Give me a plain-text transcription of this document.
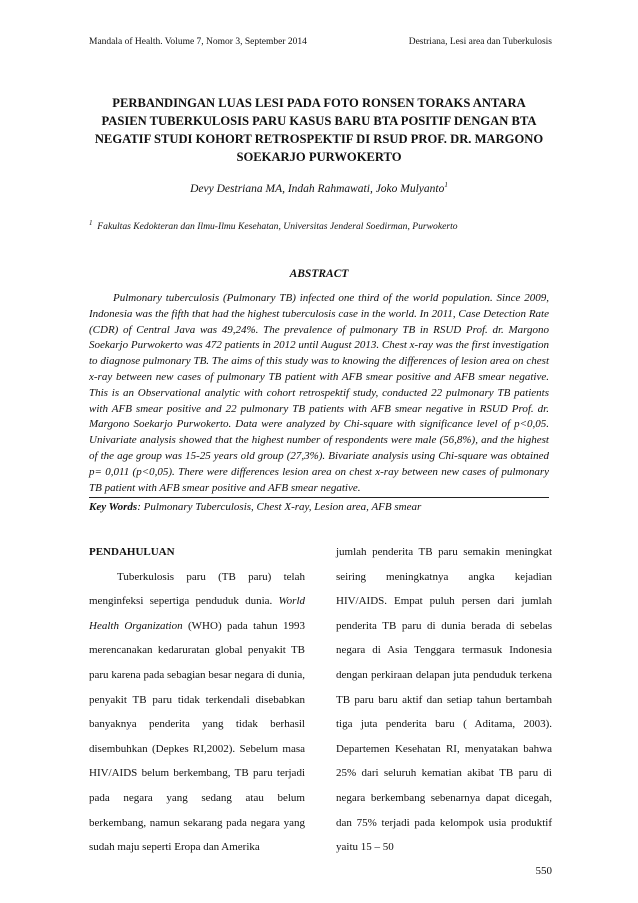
Mandala of Health. Volume 7, Nomor 3, September 2014	Destriana, Lesi area dan Tuberkulosis
PERBANDINGAN LUAS LESI PADA FOTO RONSEN TORAKS ANTARA PASIEN TUBERKULOSIS PARU KASUS BARU BTA POSITIF DENGAN BTA NEGATIF STUDI KOHORT RETROSPEKTIF DI RSUD PROF. DR. MARGONO SOEKARJO PURWOKERTO
Devy Destriana MA, Indah Rahmawati, Joko Mulyanto$^1$
$^1$ Fakultas Kedokteran dan Ilmu-Ilmu Kesehatan, Universitas Jenderal Soedirman, Purwokerto
ABSTRACT

Pulmonary tuberculosis (Pulmonary TB) infected one third of the world population. Since 2009, Indonesia was the fifth that had the highest tuberculosis case in the world. In 2011, Case Detection Rate (CDR) of Central Java was 49,24%. The prevalence of pulmonary TB in RSUD Prof. dr. Margono Soekarjo Purwokerto was 472 patients in 2012 until August 2013. Chest x-ray was the first investigation to diagnose pulmonary TB. The aims of this study was to knowing the differences of lesion area on chest x-ray between new cases of pulmonary TB patient with AFB smear positive and AFB smear negative. This is an Observational analytic with cohort retrospektif study, conducted 22 pulmonary TB patients with AFB smear positive and 22 pulmonary TB patients with AFB smear negative in RSUD Prof. dr. Margono Soekarjo Purwokerto. Data were analyzed by Chi-square with significance level of p<0,05. Univariate analysis showed that the highest number of respondents were male (56,8%), and the highest of the age group was 15-25 years old group (27,3%). Bivariate analysis using Chi-square was obtained p= 0,011 (p<0,05). There were differences lesion area on chest x-ray between new cases of pulmonary TB patient with AFB smear positive and AFB smear negative.

Key Words: Pulmonary Tuberculosis, Chest X-ray, Lesion area, AFB smear
PENDAHULUAN

Tuberkulosis paru (TB paru) telah menginfeksi sepertiga penduduk dunia. World Health Organization (WHO) pada tahun 1993 merencanakan kedaruratan global penyakit TB paru karena pada sebagian besar negara di dunia, penyakit TB paru tidak terkendali disebabkan banyaknya penderita yang tidak berhasil disembuhkan (Depkes RI,2002). Sebelum masa HIV/AIDS belum berkembang, TB paru terjadi pada negara yang sedang atau belum berkembang, namun sekarang pada negara yang sudah maju seperti Eropa dan Amerika

jumlah penderita TB paru semakin meningkat seiring meningkatnya angka kejadian HIV/AIDS. Empat puluh persen dari jumlah penderita TB paru di dunia berada di sebelas negara di Asia Tenggara termasuk Indonesia dengan perkiraan delapan juta penduduk terkena TB paru baru aktif dan setiap tahun bertambah tiga juta penderita baru ( Aditama, 2003). Departemen Kesehatan RI, menyatakan bahwa 25% dari seluruh kematian akibat TB paru di negara berkembang sebenarnya dapat dicegah, dan 75% terjadi pada kelompok usia produktif yaitu 15 – 50

550
